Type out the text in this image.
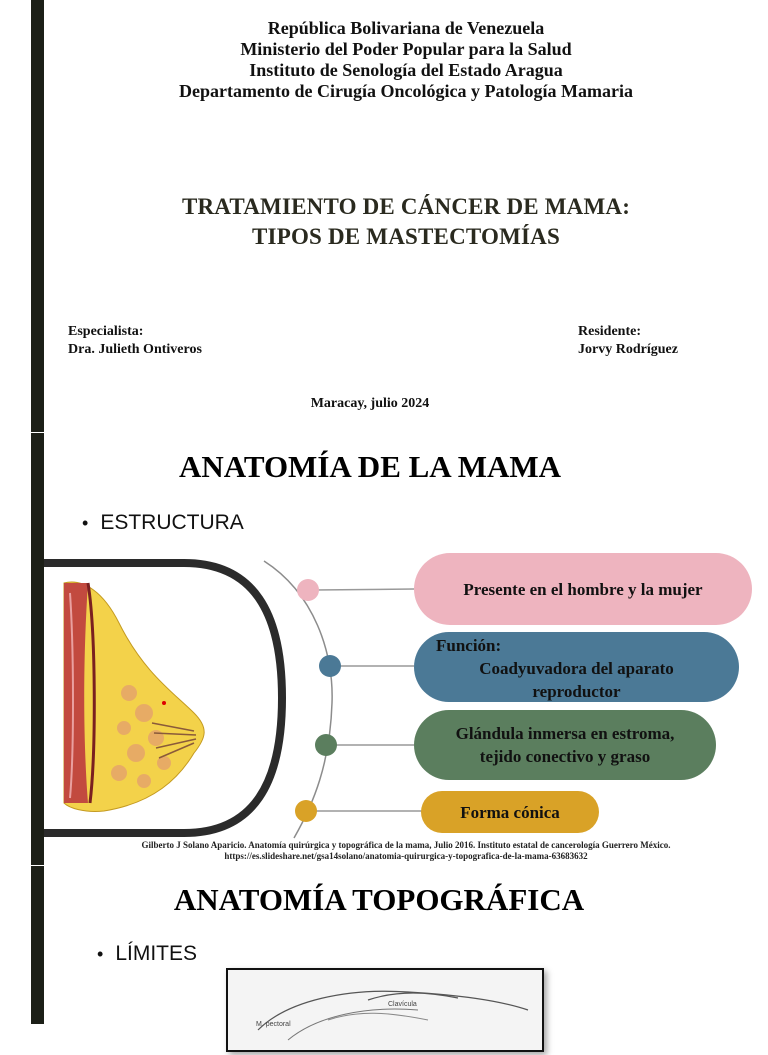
República Bolivariana de Venezuela
Ministerio del Poder Popular para la Salud
Instituto de Senología del Estado Aragua
Departamento de Cirugía Oncológica y Patología Mamaria
TRATAMIENTO DE CÁNCER DE MAMA:
TIPOS DE MASTECTOMÍAS
Especialista:
Dra. Julieth Ontiveros
Residente:
Jorvy Rodríguez
Maracay, julio 2024
ANATOMÍA DE LA MAMA
• ESTRUCTURA
Presente en el hombre y la mujer
Función:
Coadyuvadora del aparato reproductor
Glándula inmersa en estroma, tejido conectivo y graso
Forma cónica
Gilberto J Solano Aparicio. Anatomía quirúrgica y topográfica de la mama, Julio 2016. Instituto estatal de cancerología Guerrero México.
https://es.slideshare.net/gsa14solano/anatomia-quirurgica-y-topografica-de-la-mama-63683632
ANATOMÍA TOPOGRÁFICA
• LÍMITES
Clavícula
M. pectoral
